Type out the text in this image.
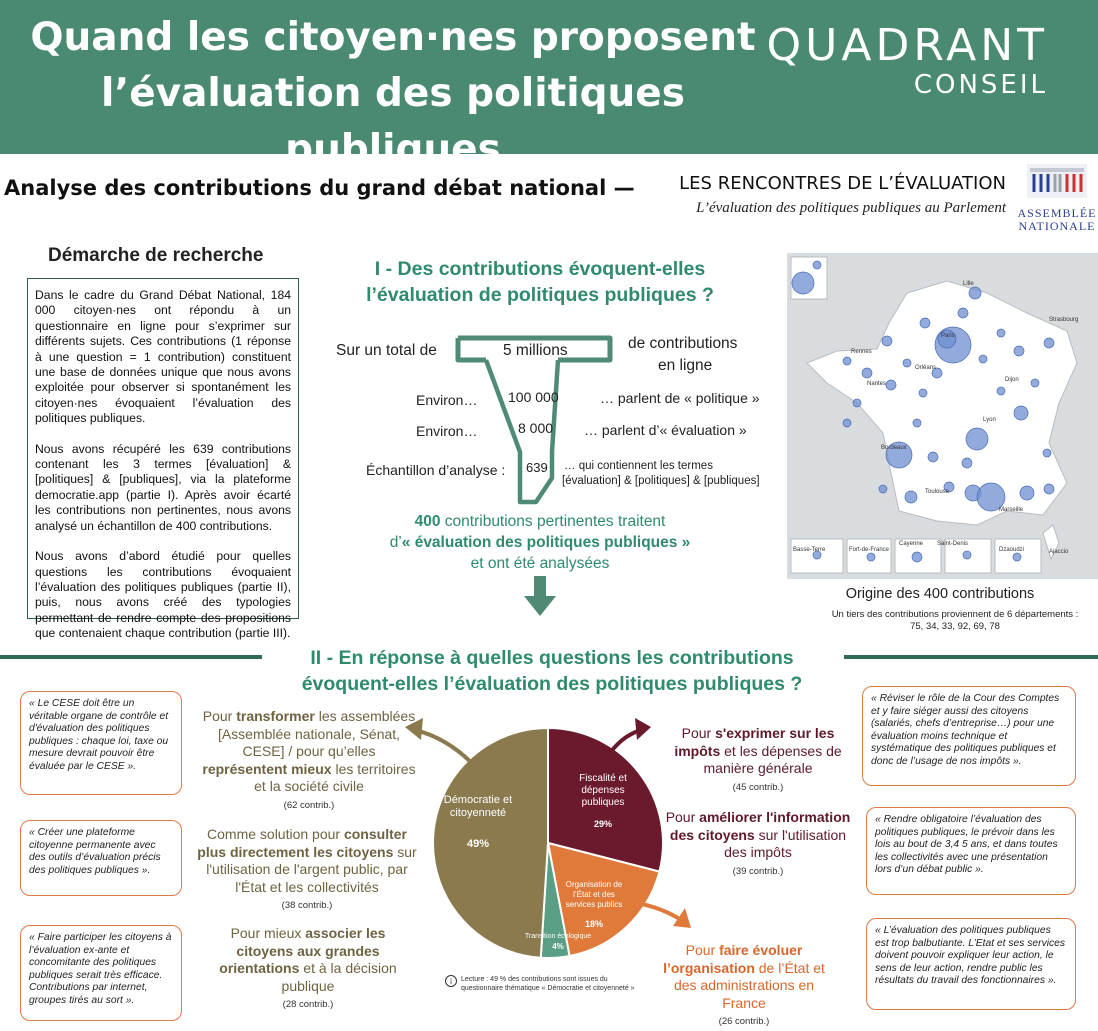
Quand les citoyen·nes proposent
l’évaluation des politiques publiques
QUADRANT
CONSEIL
Analyse des contributions du grand débat national —	LES RENCONTRES DE L’ÉVALUATION
L’évaluation des politiques publiques au Parlement ASSEMBLÉE
NATIONALE
Démarche de recherche

Dans le cadre du Grand Débat National, 184 000 citoyen·nes ont répondu à un questionnaire en ligne pour s’exprimer sur différents sujets. Ces contributions (1 réponse à une question = 1 contribution) constituent une base de données unique que nous avons exploitée pour observer si spontanément les citoyen·nes évoquaient l’évaluation des politiques publiques.

Nous avons récupéré les 639 contributions contenant les 3 termes [évaluation] & [politiques] & [publiques], via la plateforme democratie.app (partie I). Après avoir écarté les contributions non pertinentes, nous avons analysé un échantillon de 400 contributions.

Nous avons d’abord étudié pour quelles questions les contributions évoquaient l’évaluation des politiques publiques (partie II), puis, nous avons créé des typologies permettant de rendre compte des propositions que contenaient chaque contribution (partie III).

I - Des contributions évoquent-elles
l’évaluation de politiques publiques ?
Sur un total de	5 millions	de contributions
en ligne
Environ… 100 000	… parlent de « politique »
Environ…	8 000 … parlent d’« évaluation »
Échantillon d’analyse : 639 … qui contiennent les termes
[évaluation] & [politiques] & [publiques]
400 contributions pertinentes traitent
d’« évaluation des politiques publiques »
et ont été analysées
Lille
Paris
Rennes
Nantes
Orléans
Strasbourg
Dijon
Lyon
Bordeaux
Toulouse
Marseille
Ajaccio
Basse-Terre	Fort-de-France
Cayenne Saint-Denis
Dzaoudzi
Origine des 400 contributions
Un tiers des contributions proviennent de 6 départements :
75, 34, 33, 92, 69, 78
II - En réponse à quelles questions les contributions
évoquent-elles l’évaluation des politiques publiques ?
Fiscalité et dépenses publiques
29%
Organisation de l’État et des services publics
18%
Transition écologique
4%
Démocratie et citoyenneté
49%
Pour transformer les assemblées [Assemblée nationale, Sénat, CESE] / pour qu’elles représentent mieux les territoires et la société civile
(62 contrib.)
Comme solution pour consulter plus directement les citoyens sur l'utilisation de l'argent public, par l'État et les collectivités
(38 contrib.)
Pour mieux associer les citoyens aux grandes orientations et à la décision publique
(28 contrib.)
Pour s'exprimer sur les impôts et les dépenses de manière générale
(45 contrib.)
Pour améliorer l'information des citoyens sur l'utilisation des impôts
(39 contrib.)
Pour faire évoluer l’organisation de l’État et des administrations en France
(26 contrib.)
« Le CESE doit être un véritable organe de contrôle et d'évaluation des politiques publiques : chaque loi, taxe ou mesure devrait pouvoir être évaluée par le CESE ».
« Créer une plateforme citoyenne permanente avec des outils d’évaluation précis des politiques publiques ».
« Faire participer les citoyens à l’évaluation ex-ante et concomitante des politiques publiques serait très efficace. Contributions par internet, groupes tirés au sort ».
« Réviser le rôle de la Cour des Comptes et y faire siéger aussi des citoyens (salariés, chefs d’entreprise…) pour une évaluation moins technique et systématique des politiques publiques et donc de l’usage de nos impôts ».
« Rendre obligatoire l’évaluation des politiques publiques, le prévoir dans les lois au bout de 3,4 5 ans, et dans toutes les collectivités avec une présentation lors d’un débat public ».
« L’évaluation des politiques publiques est trop balbutiante. L’Etat et ses services doivent pouvoir expliquer leur action, le sens de leur action, rendre public les résultats du travail des fonctionnaires ».
i	Lecture : 49 % des contributions sont issues du questionnaire thématique « Démocratie et citoyenneté »
